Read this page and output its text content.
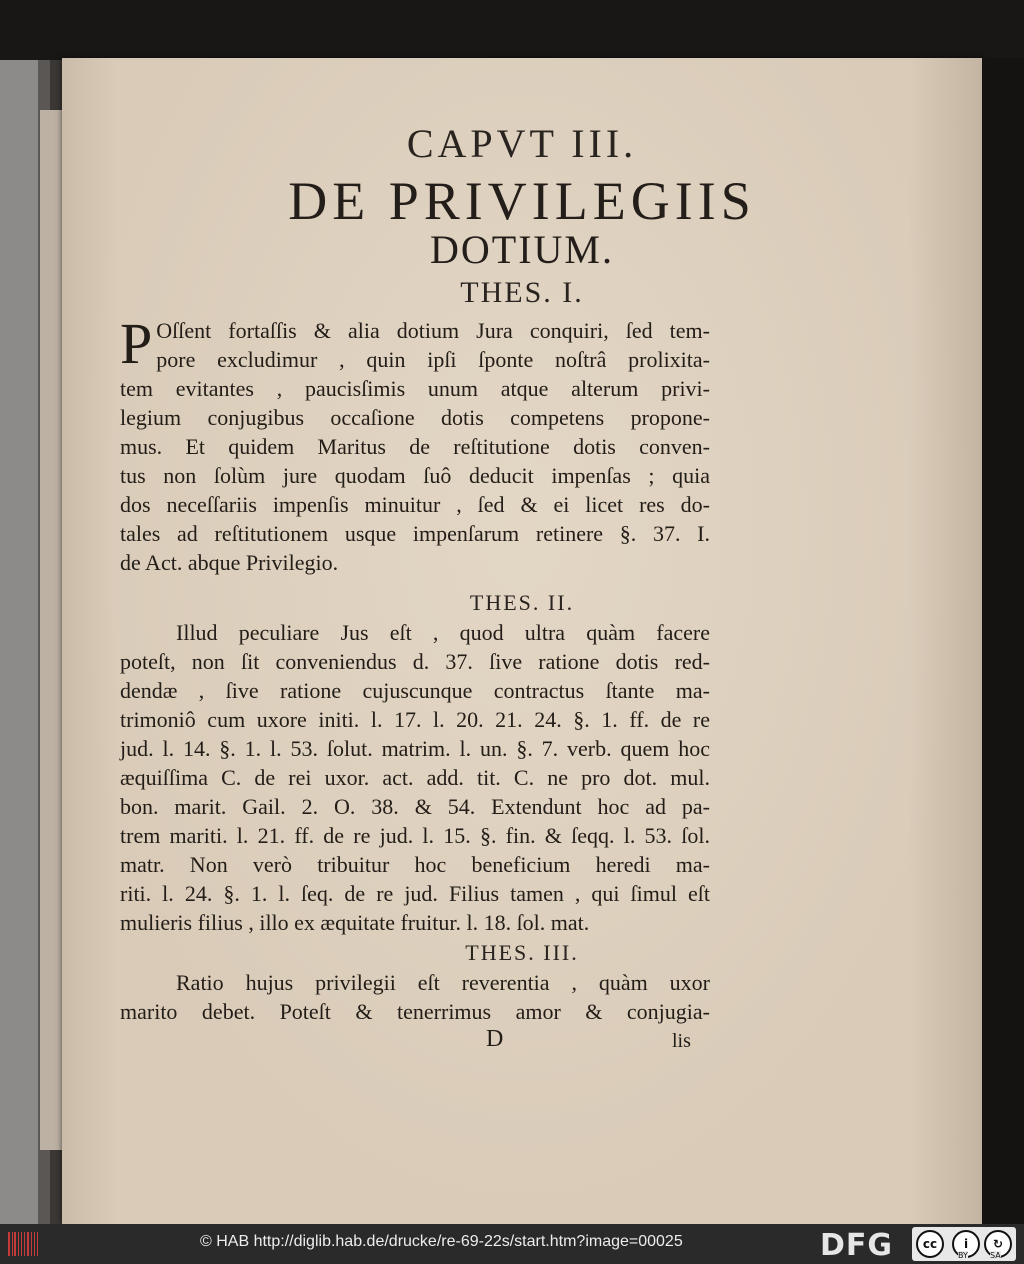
CAPVT III.
DE PRIVILEGIIS
DOTIUM.
THES. I.
P Oſſent fortaſſis & alia dotium Jura conquiri, ſed tem-
pore excludimur , quin ipſi ſponte noſtrâ prolixita-
tem evitantes , paucisſimis unum atque alterum privi-
legium conjugibus occaſione dotis competens propone-
mus. Et quidem Maritus de reſtitutione dotis conven-
tus non ſolùm jure quodam ſuô deducit impenſas ; quia
dos neceſſariis impenſis minuitur , ſed & ei licet res do-
tales ad reſtitutionem usque impenſarum retinere §. 37. I.
de Act. abque Privilegio.
THES. II.
Illud peculiare Jus eſt , quod ultra quàm facere
poteſt, non ſit conveniendus d. 37. ſive ratione dotis red-
dendæ , ſive ratione cujuscunque contractus ſtante ma-
trimoniô cum uxore initi. l. 17. l. 20. 21. 24. §. 1. ff. de re
jud. l. 14. §. 1. l. 53. ſolut. matrim. l. un. §. 7. verb. quem hoc
æquiſſima C. de rei uxor. act. add. tit. C. ne pro dot. mul.
bon. marit. Gail. 2. O. 38. & 54. Extendunt hoc ad pa-
trem mariti. l. 21. ff. de re jud. l. 15. §. fin. & ſeqq. l. 53. ſol.
matr. Non verò tribuitur hoc beneficium heredi ma-
riti. l. 24. §. 1. l. ſeq. de re jud. Filius tamen , qui ſimul eſt
mulieris filius , illo ex æquitate fruitur. l. 18. ſol. mat.
THES. III.
Ratio hujus privilegii eſt reverentia , quàm uxor
marito debet. Poteſt & tenerrimus amor & conjugia-
D	lis
© HAB http://diglib.hab.de/drucke/re-69-22s/start.htm?image=00025	DFG	cc	i	↻
BY	SA
